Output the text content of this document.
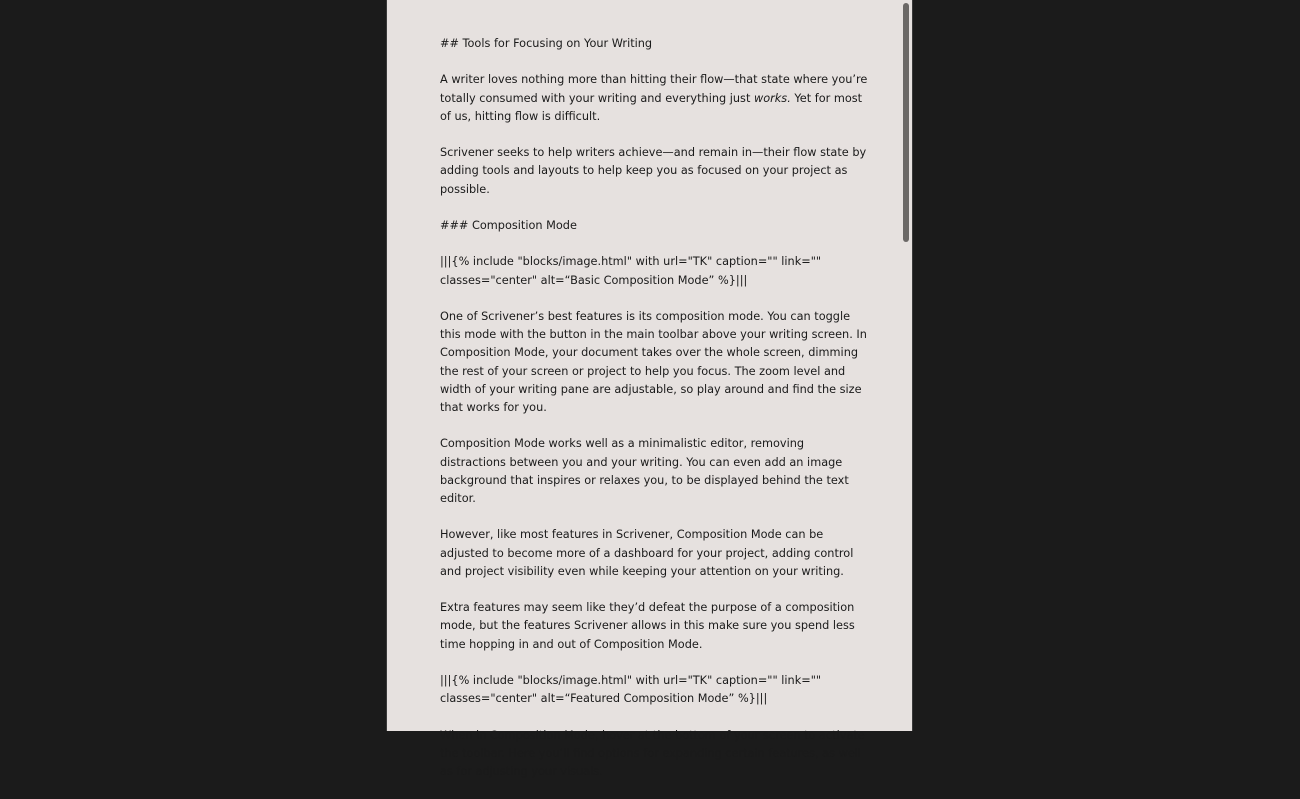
## Tools for Focusing on Your Writing

A writer loves nothing more than hitting their flow—that state where you’re totally consumed with your writing and everything just works. Yet for most of us, hitting flow is difficult.

Scrivener seeks to help writers achieve—and remain in—their flow state by adding tools and layouts to help keep you as focused on your project as possible.

### Composition Mode

|||{% include "blocks/image.html" with url="TK" caption="" link="" classes="center" alt=“Basic Composition Mode” %}|||

One of Scrivener’s best features is its composition mode. You can toggle this mode with the button in the main toolbar above your writing screen. In Composition Mode, your document takes over the whole screen, dimming the rest of your screen or project to help you focus. The zoom level and width of your writing pane are adjustable, so play around and find the size that works for you.

Composition Mode works well as a minimalistic editor, removing distractions between you and your writing. You can even add an image background that inspires or relaxes you, to be displayed behind the text editor.

However, like most features in Scrivener, Composition Mode can be adjusted to become more of a dashboard for your project, adding control and project visibility even while keeping your attention on your writing.

Extra features may seem like they’d defeat the purpose of a composition mode, but the features Scrivener allows in this make sure you spend less time hopping in and out of Composition Mode.

|||{% include "blocks/image.html" with url="TK" caption="" link="" classes="center" alt=“Featured Composition Mode” %}|||

When in Composition Mode, hover at the bottom of your screen to activate the toolbar. Here you’ll find options for expanding certain features, as well as for adjusting your visuals.
